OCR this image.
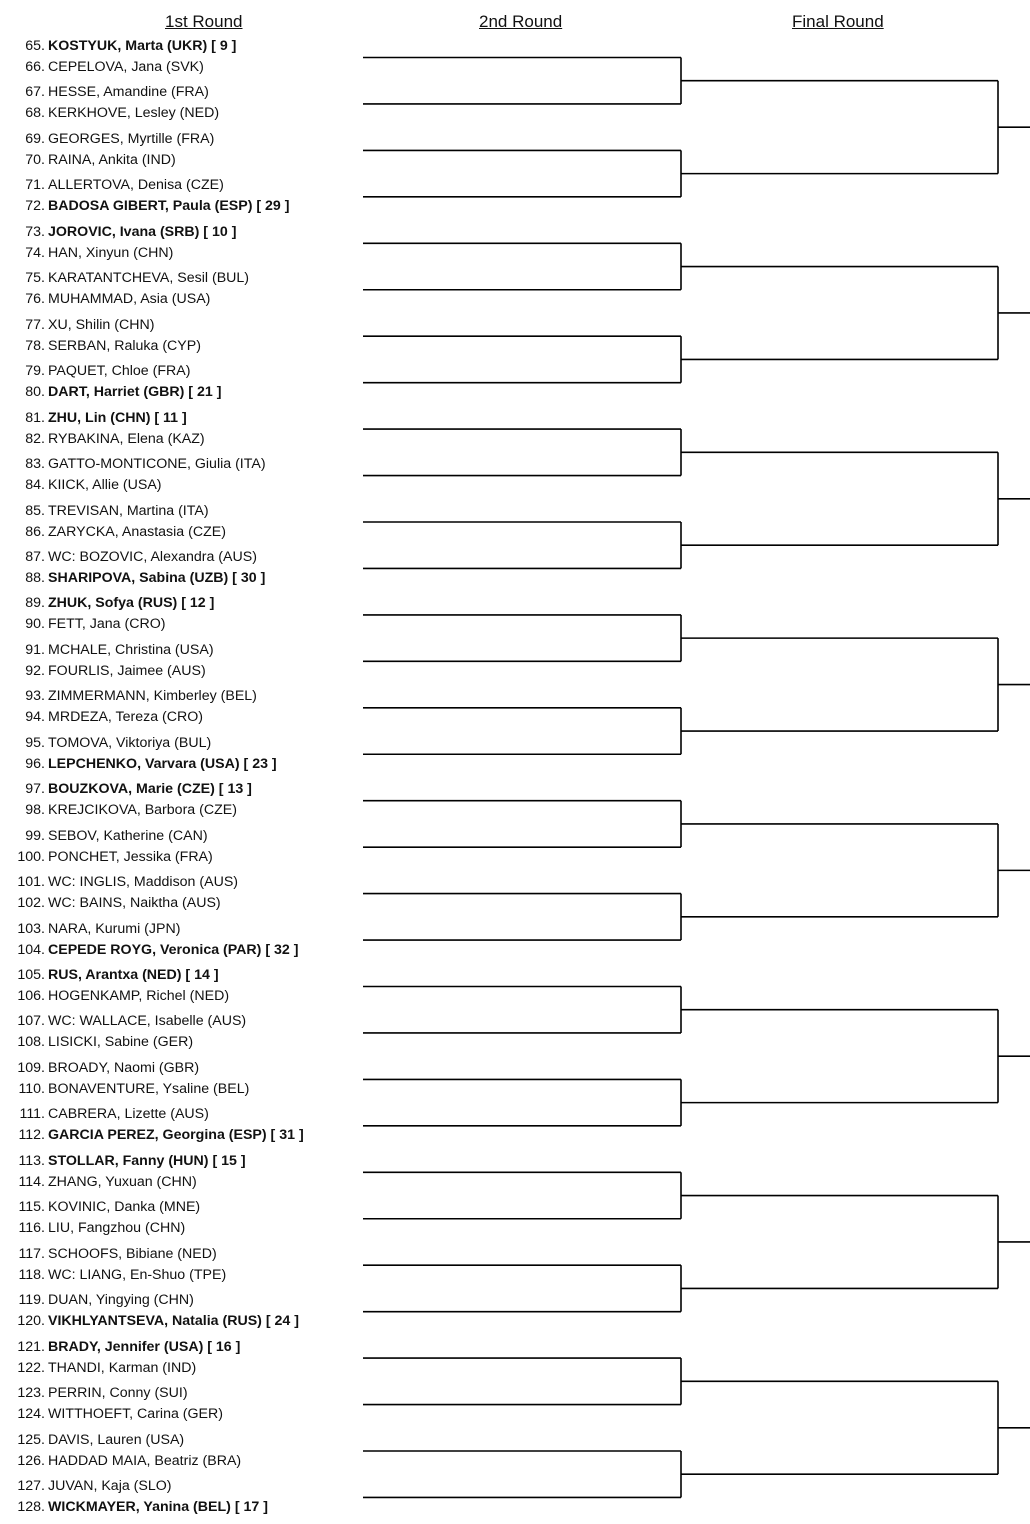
1st Round	2nd Round	Final Round
65. KOSTYUK, Marta (UKR) [ 9 ]
66. CEPELOVA, Jana (SVK)
67. HESSE, Amandine (FRA)
68. KERKHOVE, Lesley (NED)
69. GEORGES, Myrtille (FRA)
70. RAINA, Ankita (IND)
71. ALLERTOVA, Denisa (CZE)
72. BADOSA GIBERT, Paula (ESP) [ 29 ]
73. JOROVIC, Ivana (SRB) [ 10 ]
74. HAN, Xinyun (CHN)
75. KARATANTCHEVA, Sesil (BUL)
76. MUHAMMAD, Asia (USA)
77. XU, Shilin (CHN)
78. SERBAN, Raluka (CYP)
79. PAQUET, Chloe (FRA)
80. DART, Harriet (GBR) [ 21 ]
81. ZHU, Lin (CHN) [ 11 ]
82. RYBAKINA, Elena (KAZ)
83. GATTO-MONTICONE, Giulia (ITA)
84. KIICK, Allie (USA)
85. TREVISAN, Martina (ITA)
86. ZARYCKA, Anastasia (CZE)
87. WC: BOZOVIC, Alexandra (AUS)
88. SHARIPOVA, Sabina (UZB) [ 30 ]
89. ZHUK, Sofya (RUS) [ 12 ]
90. FETT, Jana (CRO)
91. MCHALE, Christina (USA)
92. FOURLIS, Jaimee (AUS)
93. ZIMMERMANN, Kimberley (BEL)
94. MRDEZA, Tereza (CRO)
95. TOMOVA, Viktoriya (BUL)
96. LEPCHENKO, Varvara (USA) [ 23 ]
97. BOUZKOVA, Marie (CZE) [ 13 ]
98. KREJCIKOVA, Barbora (CZE)
99. SEBOV, Katherine (CAN)
100. PONCHET, Jessika (FRA)
101. WC: INGLIS, Maddison (AUS)
102. WC: BAINS, Naiktha (AUS)
103. NARA, Kurumi (JPN)
104. CEPEDE ROYG, Veronica (PAR) [ 32 ]
105. RUS, Arantxa (NED) [ 14 ]
106. HOGENKAMP, Richel (NED)
107. WC: WALLACE, Isabelle (AUS)
108. LISICKI, Sabine (GER)
109. BROADY, Naomi (GBR)
110. BONAVENTURE, Ysaline (BEL)
111. CABRERA, Lizette (AUS)
112. GARCIA PEREZ, Georgina (ESP) [ 31 ]
113. STOLLAR, Fanny (HUN) [ 15 ]
114. ZHANG, Yuxuan (CHN)
115. KOVINIC, Danka (MNE)
116. LIU, Fangzhou (CHN)
117. SCHOOFS, Bibiane (NED)
118. WC: LIANG, En-Shuo (TPE)
119. DUAN, Yingying (CHN)
120. VIKHLYANTSEVA, Natalia (RUS) [ 24 ]
121. BRADY, Jennifer (USA) [ 16 ]
122. THANDI, Karman (IND)
123. PERRIN, Conny (SUI)
124. WITTHOEFT, Carina (GER)
125. DAVIS, Lauren (USA)
126. HADDAD MAIA, Beatriz (BRA)
127. JUVAN, Kaja (SLO)
128. WICKMAYER, Yanina (BEL) [ 17 ]
